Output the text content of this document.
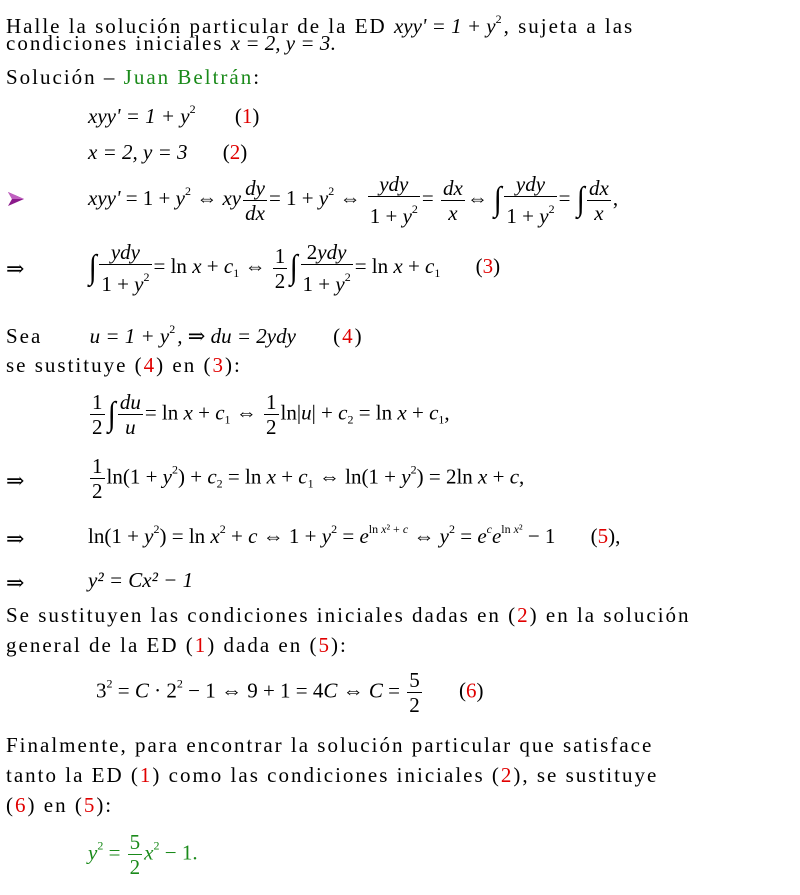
Halle la solución particular de la ED $xyy' = 1 + y^2$, sujeta a las
condiciones iniciales x = 2, y = 3.
Solución – Juan Beltrán:
$xyy' = 1 + y^2$ (1)
x = 2, y = 3 (2)
$xyy' = 1 + y^2$ ⇔ xy $\frac{dy}{dx} = 1 + y^2$ ⇔ $\frac{\text{ydy}}{1 + y^2} = \frac{dx}{x}$ ⇔ ∫ $\frac{\text{ydy}}{1 + y^2}$ = ∫ $\frac{dx}{x}$ ,
⇒ ∫ $\frac{\text{ydy}}{1 + y^2} = \ln x + c_1$ ⇔ $\frac{1}{2}$ ∫ $\frac{\text{2ydy}}{1 + y^2} = \ln x + c_1$ (3)
Sea $u = 1 + y^2$, ⇒ du = 2ydy (4)
se sustituye (4) en (3):
$\frac{1}{2}$ ∫ $\frac{du}{u} = \ln x + c_1$ ⇔ $\frac{1}{2} \ln|u| + c_2 = \ln x + c_1$,
⇒	$\frac{1}{2} \ln(1 + y^2) + c_2 = \ln x + c_1$ ⇔ $\ln(1 + y^2) = 2\ln$ x + c,
⇒	$\ln(1 + y^2) = \ln x^2 + c$ ⇔ $1 + y^2 = e^{ln x^2 + c}$ ⇔ $y^2 = e^ce^{ln x^2} - 1$ (5),
⇒	y² = Cx² − 1
Se sustituyen las condiciones iniciales dadas en (2) en la solución
general de la ED (1) dada en (5):
$3^2 = C \cdot 2^2 - 1$ ⇔ 9 + 1 = 4C ⇔ $C = \frac{5}{2} (6)$
Finalmente, para encontrar la solución particular que satisface
tanto la ED (1) como las condiciones iniciales (2), se sustituye
(6) en (5):
$y^2 = \frac{5}{2} x^2 - 1$.
